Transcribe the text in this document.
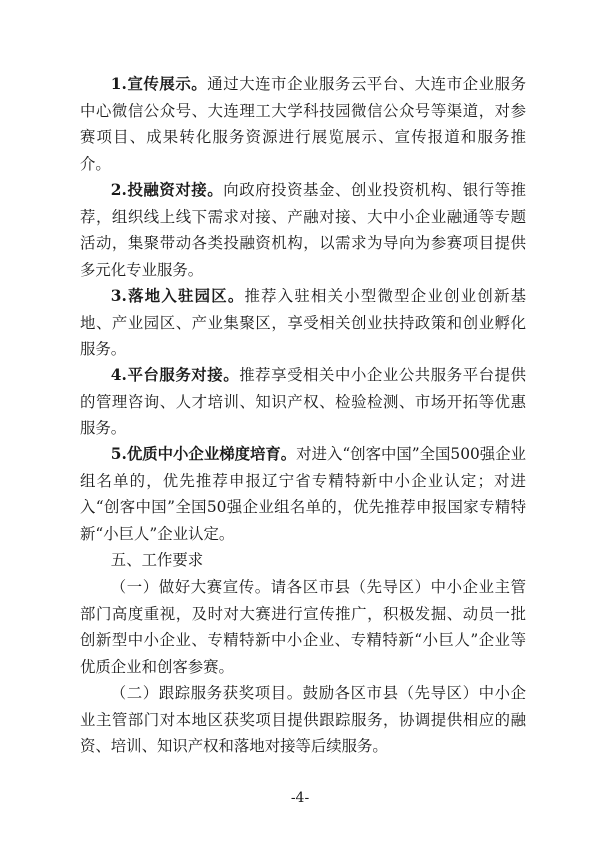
1.宣传展示。通过大连市企业服务云平台、大连市企业服务中心微信公众号、大连理工大学科技园微信公众号等渠道，对参赛项目、成果转化服务资源进行展览展示、宣传报道和服务推介。

2.投融资对接。向政府投资基金、创业投资机构、银行等推荐，组织线上线下需求对接、产融对接、大中小企业融通等专题活动，集聚带动各类投融资机构，以需求为导向为参赛项目提供多元化专业服务。

3.落地入驻园区。推荐入驻相关小型微型企业创业创新基地、产业园区、产业集聚区，享受相关创业扶持政策和创业孵化服务。

4.平台服务对接。推荐享受相关中小企业公共服务平台提供的管理咨询、人才培训、知识产权、检验检测、市场开拓等优惠服务。

5.优质中小企业梯度培育。对进入“创客中国”全国500强企业组名单的，优先推荐申报辽宁省专精特新中小企业认定；对进入“创客中国”全国50强企业组名单的，优先推荐申报国家专精特新“小巨人”企业认定。

五、工作要求

（一）做好大赛宣传。请各区市县（先导区）中小企业主管部门高度重视，及时对大赛进行宣传推广，积极发掘、动员一批创新型中小企业、专精特新中小企业、专精特新“小巨人”企业等优质企业和创客参赛。

（二）跟踪服务获奖项目。鼓励各区市县（先导区）中小企业主管部门对本地区获奖项目提供跟踪服务，协调提供相应的融资、培训、知识产权和落地对接等后续服务。

-4-
